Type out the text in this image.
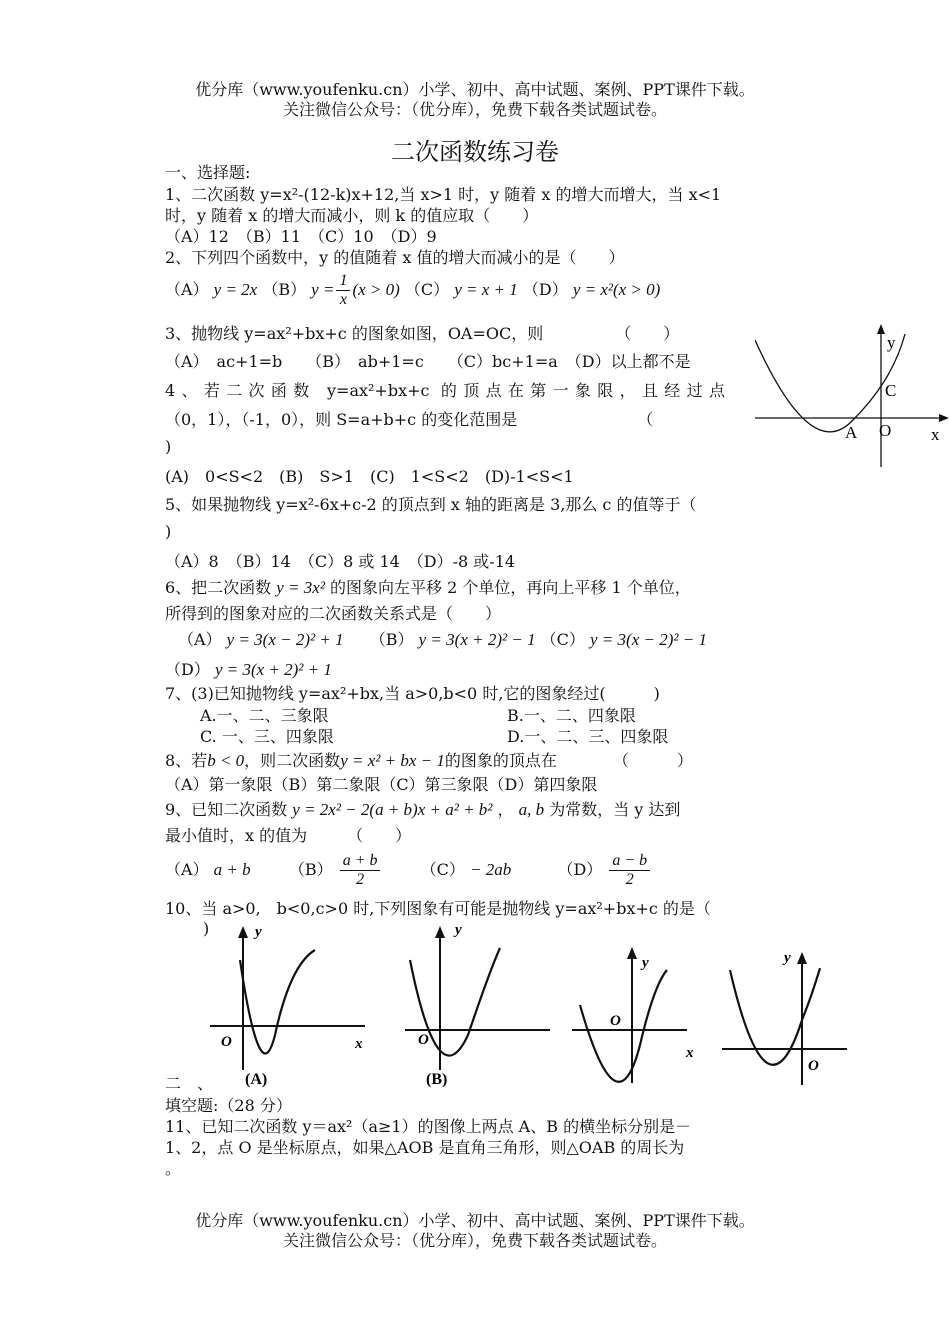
优分库（www.youfenku.cn）小学、初中、高中试题、案例、PPT课件下载。
关注微信公众号：（优分库），免费下载各类试题试卷。
二次函数练习卷
一、选择题:
1、二次函数 y=x²-(12-k)x+12,当 x>1 时，y 随着 x 的增大而增大，当 x<1
时，y 随着 x 的增大而减小，则 k 的值应取（　　）
（A）12　（B）11　（C）10　（D）9
2、下列四个函数中，y 的值随着 x 值的增大而减小的是（　　）
（A） y = 2x （B） $y = \frac{1}{x} (x > 0)$ （C） y = x + 1 （D） y = x²(x > 0)
3、抛物线 y=ax²+bx+c 的图象如图，OA=OC，则　　　　　（　　）
（A）　ac+1=b　　（B）　ab+1=c　　（C）bc+1=a　（D）以上都不是
y
C
A O x
4、若二次函数 y=ax²+bx+c 的顶点在第一象限，且经过点
（0，1），（-1，0），则 S=a+b+c 的变化范围是　　　　　　　　（
)
(A)　0<S<2　(B)　S>1　(C)　1<S<2　(D)-1<S<1
5、如果抛物线 y=x²-6x+c-2 的顶点到 x 轴的距离是 3,那么 c 的值等于（
)
（A）8　（B）14　（C）8 或 14　（D）-8 或-14
6、把二次函数 y = 3x² 的图象向左平移 2 个单位，再向上平移 1 个单位，
所得到的图象对应的二次函数关系式是（　　）
（A） y = 3(x − 2)² + 1 （B） y = 3(x + 2)² − 1 （C） y = 3(x − 2)² − 1
（D） y = 3(x + 2)² + 1
7、(3)已知抛物线 y=ax²+bx,当 a>0,b<0 时,它的图象经过(　　　)
A.一、二、三象限	B.一、二、四象限
C. 一、三、四象限	D.一、二、三、四象限
8、若b < 0，则二次函数y = x² + bx − 1的图象的顶点在　　　　（　　　）
（A）第一象限（B）第二象限（C）第三象限（D）第四象限
9、已知二次函数 y = 2x² − 2(a + b)x + a² + b² ， a, b 为常数，当 y 达到
最小值时，x 的值为　　　（　　）
（A） a + b $(B) \frac{a + b}{2}$	（C） − 2ab	$(D) \frac{a - b}{2}$
10、当 a>0,　b<0,c>0 时,下列图象有可能是抛物线 y=ax²+bx+c 的是（
)	y
O	x
(A)
y
O
(B)
y
O
x
y
O
二　、
填空题:（28 分）
11、已知二次函数 y＝ax²（a≥1）的图像上两点 A、B 的横坐标分别是－
1、2，点 O 是坐标原点，如果△AOB 是直角三角形，则△OAB 的周长为
。
优分库（www.youfenku.cn）小学、初中、高中试题、案例、PPT课件下载。
关注微信公众号：（优分库），免费下载各类试题试卷。
